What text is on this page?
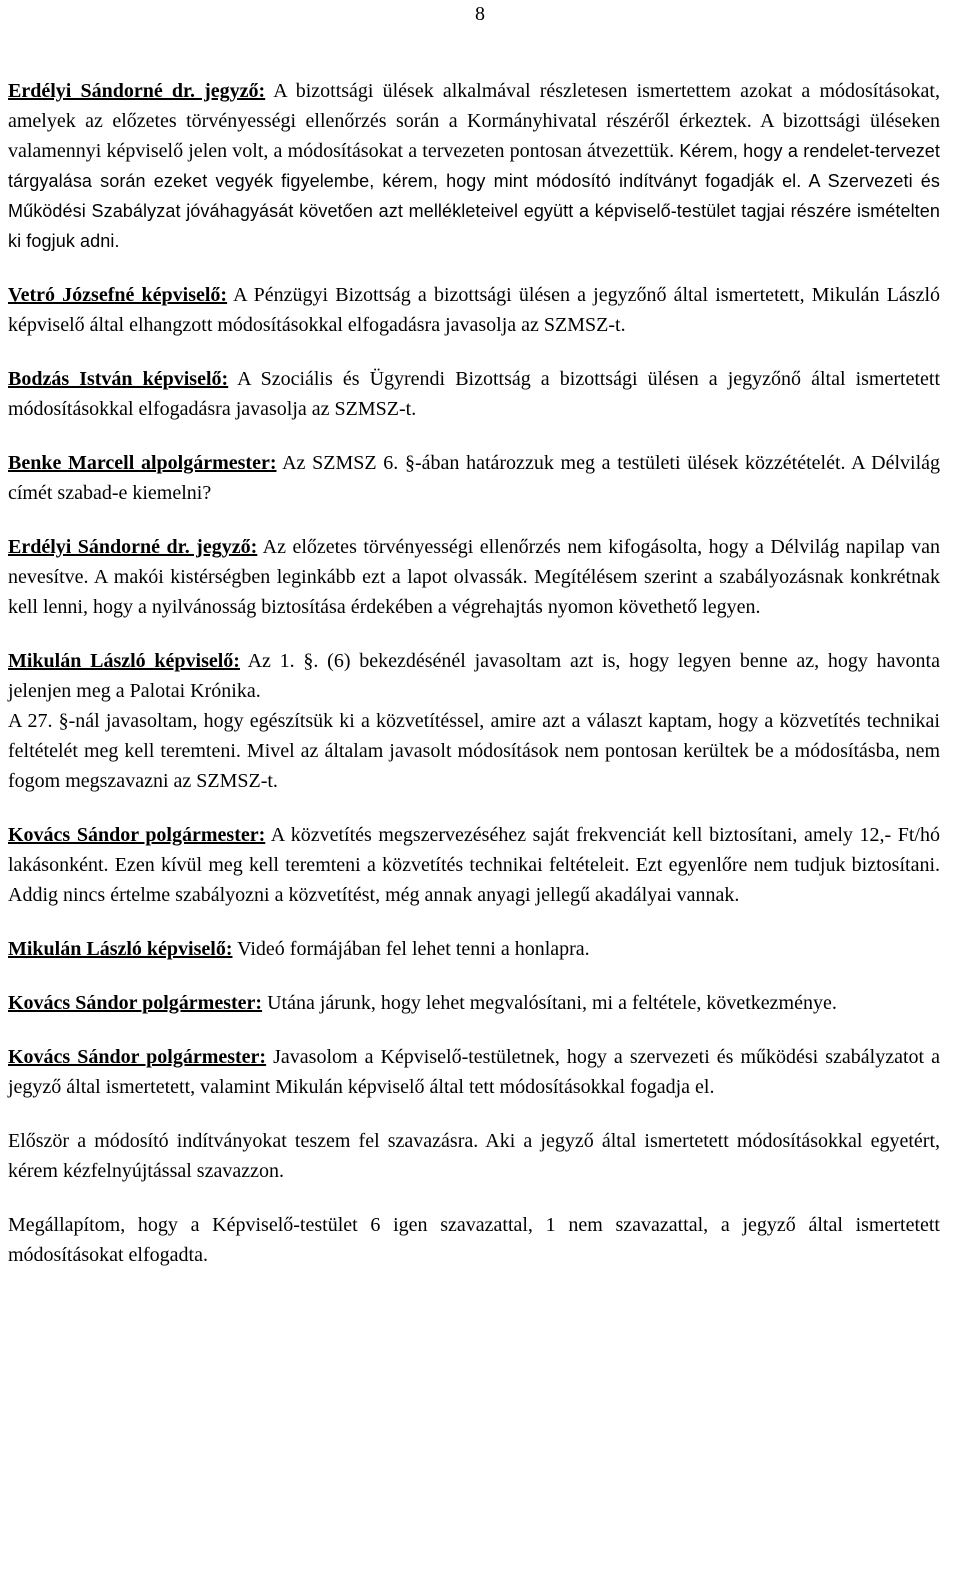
8

Erdélyi Sándorné dr. jegyző: A bizottsági ülések alkalmával részletesen ismertettem azokat a módosításokat, amelyek az előzetes törvényességi ellenőrzés során a Kormányhivatal részéről érkeztek. A bizottsági üléseken valamennyi képviselő jelen volt, a módosításokat a tervezeten pontosan átvezettük. Kérem, hogy a rendelet-tervezet tárgyalása során ezeket vegyék figyelembe, kérem, hogy mint módosító indítványt fogadják el. A Szervezeti és Működési Szabályzat jóváhagyását követően azt mellékleteivel együtt a képviselő-testület tagjai részére ismételten ki fogjuk adni.

Vetró Józsefné képviselő: A Pénzügyi Bizottság a bizottsági ülésen a jegyzőnő által ismertetett, Mikulán László képviselő által elhangzott módosításokkal elfogadásra javasolja az SZMSZ-t.

Bodzás István képviselő: A Szociális és Ügyrendi Bizottság a bizottsági ülésen a jegyzőnő által ismertetett módosításokkal elfogadásra javasolja az SZMSZ-t.

Benke Marcell alpolgármester: Az SZMSZ 6. §-ában határozzuk meg a testületi ülések közzétételét. A Délvilág címét szabad-e kiemelni?

Erdélyi Sándorné dr. jegyző: Az előzetes törvényességi ellenőrzés nem kifogásolta, hogy a Délvilág napilap van nevesítve. A makói kistérségben leginkább ezt a lapot olvassák. Megítélésem szerint a szabályozásnak konkrétnak kell lenni, hogy a nyilvánosság biztosítása érdekében a végrehajtás nyomon követhető legyen.

Mikulán László képviselő: Az 1. §. (6) bekezdésénél javasoltam azt is, hogy legyen benne az, hogy havonta jelenjen meg a Palotai Krónika.

A 27. §-nál javasoltam, hogy egészítsük ki a közvetítéssel, amire azt a választ kaptam, hogy a közvetítés technikai feltételét meg kell teremteni. Mivel az általam javasolt módosítások nem pontosan kerültek be a módosításba, nem fogom megszavazni az SZMSZ-t.

Kovács Sándor polgármester: A közvetítés megszervezéséhez saját frekvenciát kell biztosítani, amely 12,- Ft/hó lakásonként. Ezen kívül meg kell teremteni a közvetítés technikai feltételeit. Ezt egyenlőre nem tudjuk biztosítani. Addig nincs értelme szabályozni a közvetítést, még annak anyagi jellegű akadályai vannak.

Mikulán László képviselő: Videó formájában fel lehet tenni a honlapra.

Kovács Sándor polgármester: Utána járunk, hogy lehet megvalósítani, mi a feltétele, következménye.

Kovács Sándor polgármester: Javasolom a Képviselő-testületnek, hogy a szervezeti és működési szabályzatot a jegyző által ismertetett, valamint Mikulán képviselő által tett módosításokkal fogadja el.

Először a módosító indítványokat teszem fel szavazásra. Aki a jegyző által ismertetett módosításokkal egyetért, kérem kézfelnyújtással szavazzon.

Megállapítom, hogy a Képviselő-testület 6 igen szavazattal, 1 nem szavazattal, a jegyző által ismertetett módosításokat elfogadta.
